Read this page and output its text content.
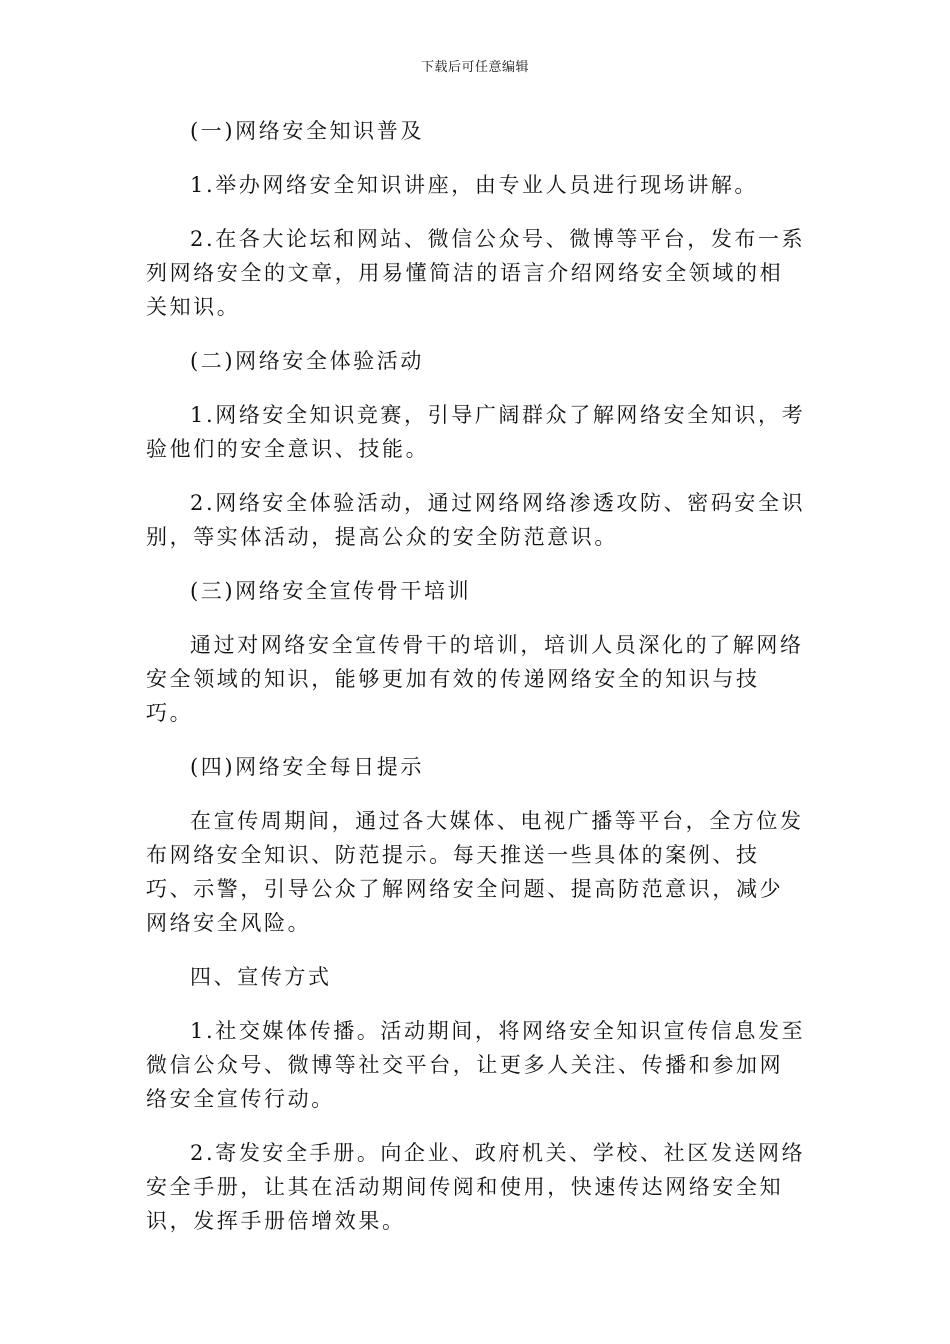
下载后可任意编辑

(一)网络安全知识普及

1.举办网络安全知识讲座，由专业人员进行现场讲解。

2.在各大论坛和网站、微信公众号、微博等平台，发布一系列网络安全的文章，用易懂简洁的语言介绍网络安全领域的相关知识。

(二)网络安全体验活动

1.网络安全知识竞赛，引导广阔群众了解网络安全知识，考验他们的安全意识、技能。

2.网络安全体验活动，通过网络网络渗透攻防、密码安全识别，等实体活动，提高公众的安全防范意识。

(三)网络安全宣传骨干培训

通过对网络安全宣传骨干的培训，培训人员深化的了解网络安全领域的知识，能够更加有效的传递网络安全的知识与技巧。

(四)网络安全每日提示

在宣传周期间，通过各大媒体、电视广播等平台，全方位发布网络安全知识、防范提示。每天推送一些具体的案例、技巧、示警，引导公众了解网络安全问题、提高防范意识，减少网络安全风险。

四、宣传方式

1.社交媒体传播。活动期间，将网络安全知识宣传信息发至微信公众号、微博等社交平台，让更多人关注、传播和参加网络安全宣传行动。

2.寄发安全手册。向企业、政府机关、学校、社区发送网络安全手册，让其在活动期间传阅和使用，快速传达网络安全知识，发挥手册倍增效果。
